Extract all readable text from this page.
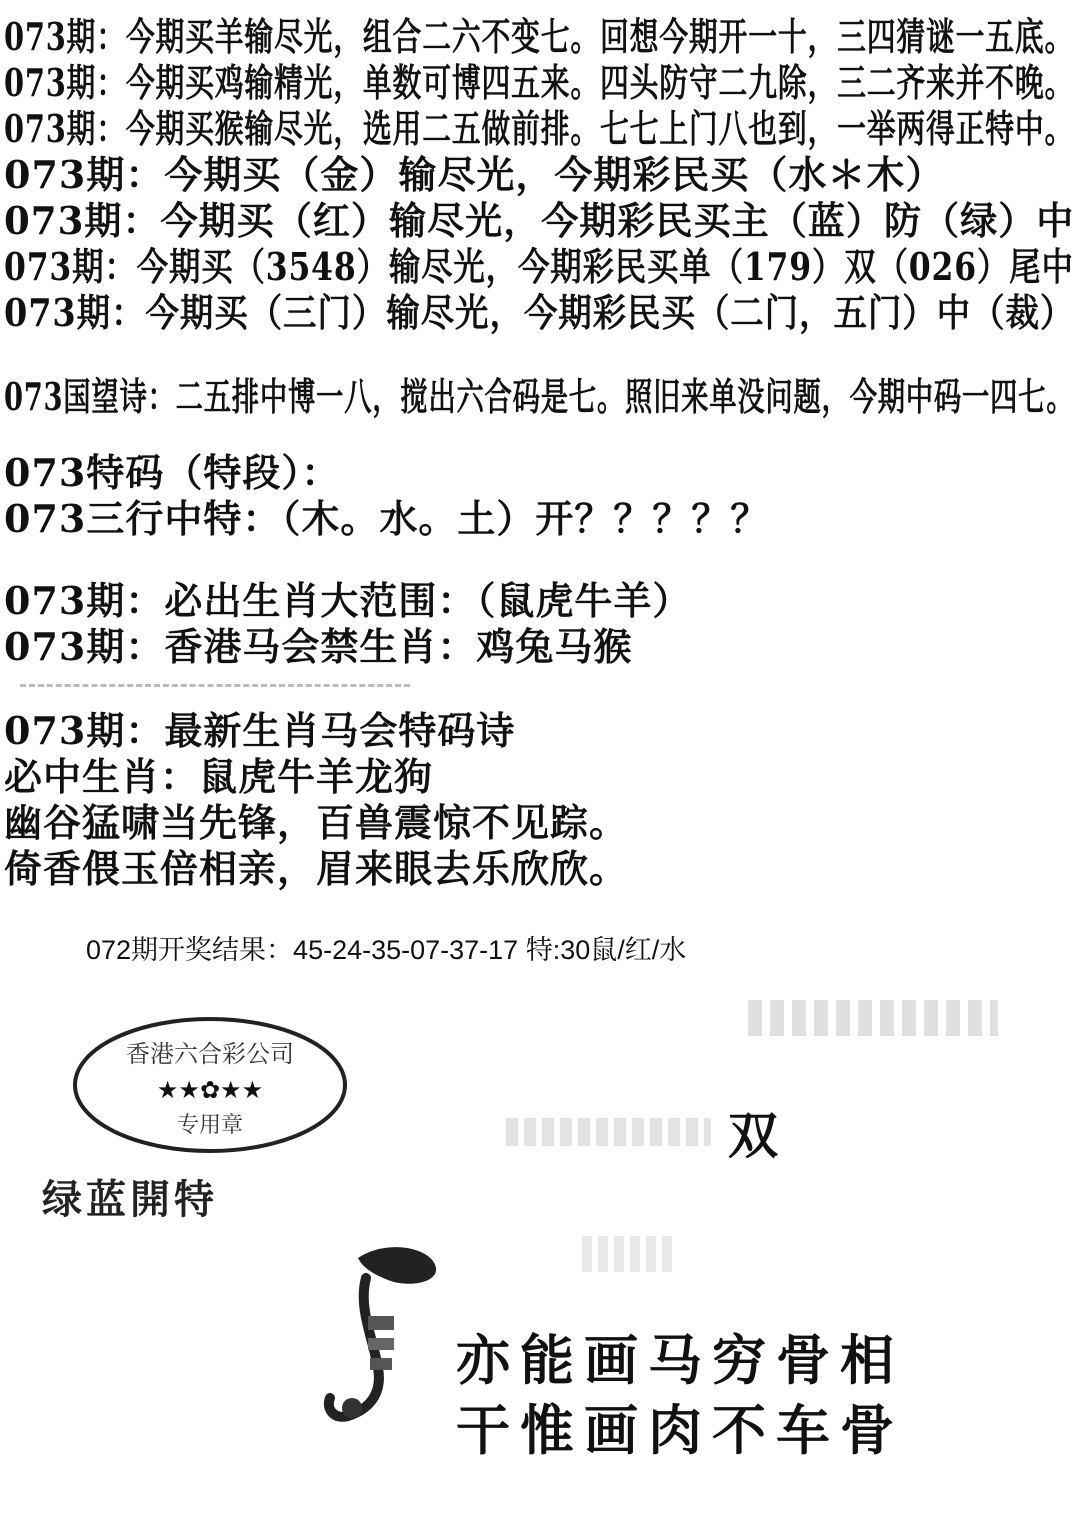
073期：今期买羊输尽光，组合二六不变七。回想今期开一十，三四猜谜一五底。
073期：今期买鸡输精光，单数可博四五来。四头防守二九除，三二齐来并不晚。
073期：今期买猴输尽光，选用二五做前排。七七上门八也到，一举两得正特中。
073期：今期买（金）输尽光，今期彩民买（水＊木）
073期：今期买（红）输尽光，今期彩民买主（蓝）防（绿）中
073期：今期买（3548）输尽光，今期彩民买单（179）双（026）尾中
073期：今期买（三门）输尽光，今期彩民买（二门，五门）中（裁）
073国望诗：二五排中博一八，搅出六合码是七。照旧来单没问题，今期中码一四七。
073特码（特段）：
073三行中特：（木。水。土）开？？？？？
073期：必出生肖大范围：（鼠虎牛羊）
073期：香港马会禁生肖：鸡兔马猴
073期：最新生肖马会特码诗
必中生肖：鼠虎牛羊龙狗
幽谷猛啸当先锋，百兽震惊不见踪。
倚香偎玉倍相亲，眉来眼去乐欣欣。
072期开奖结果：45-24-35-07-37-17 特:30鼠/红/水
香港六合彩公司
★★✿★★
专用章
绿蓝開特
双
亦能画马穷骨相
干惟画肉不车骨
